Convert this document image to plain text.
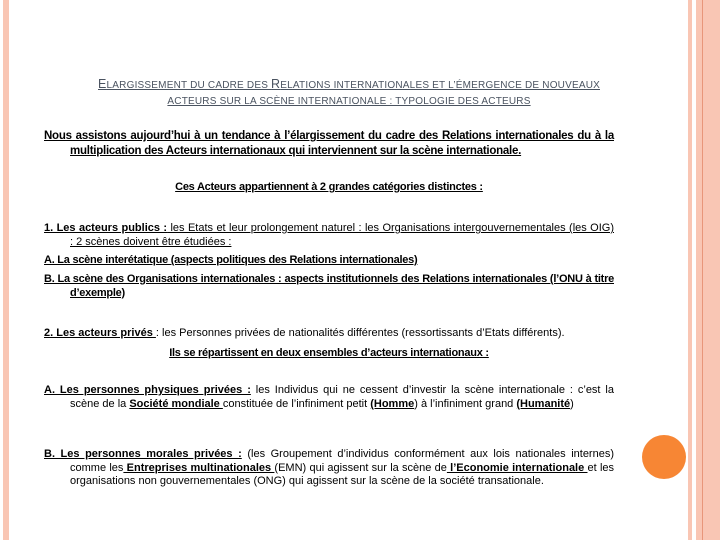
ELARGISSEMENT DU CADRE DES RELATIONS INTERNATIONALES ET L’ÉMERGENCE DE NOUVEAUX
ACTEURS SUR LA SCÈNE INTERNATIONALE : TYPOLOGIE DES ACTEURS
Nous assistons aujourd’hui à un tendance à l’élargissement du cadre des Relations internationales du à la multiplication des Acteurs internationaux qui interviennent sur la scène internationale.
Ces Acteurs appartiennent à 2 grandes catégories distinctes :
1. Les acteurs publics : les Etats et leur prolongement naturel : les Organisations intergouvernementales (les OIG) : 2 scènes doivent être étudiées :
A. La scène interétatique (aspects politiques des Relations internationales)
B. La scène des Organisations internationales : aspects institutionnels des Relations internationales (l’ONU à titre d’exemple)
2. Les acteurs privés : les Personnes privées de nationalités différentes (ressortissants d’Etats différents).
Ils se répartissent en deux ensembles d’acteurs internationaux :
A. Les personnes physiques privées : les Individus qui ne cessent d’investir la scène internationale : c’est la scène de la Société mondiale constituée de l’infiniment petit (Homme) à l’infiniment grand (Humanité)
B. Les personnes morales privées : (les Groupement d’individus conformément aux lois nationales internes) comme les Entreprises multinationales (EMN) qui agissent sur la scène de l’Economie internationale et les organisations non gouvernementales (ONG) qui agissent sur la scène de la société transationale.
